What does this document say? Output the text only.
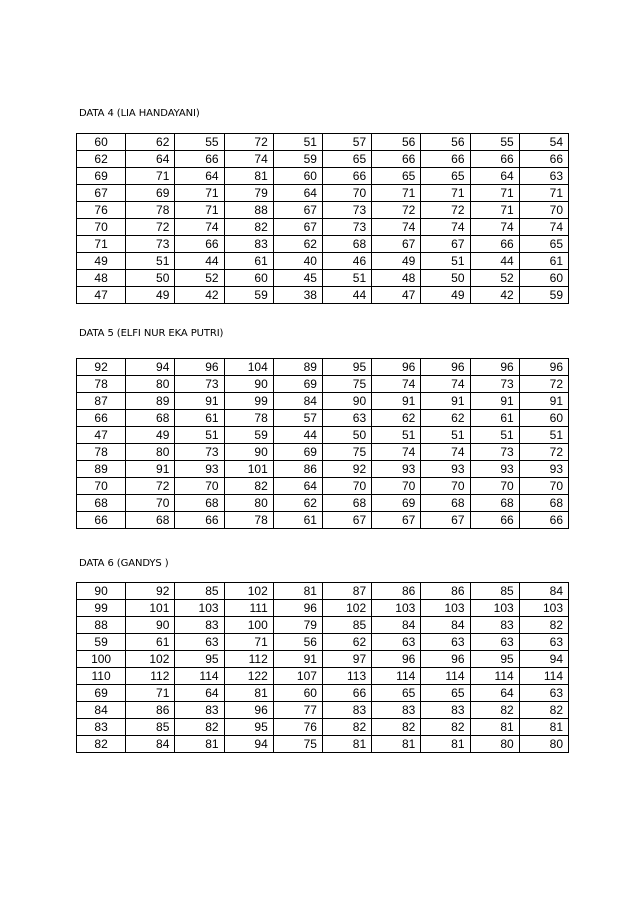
DATA 4 (LIA HANDAYANI)
60	62	55	72	51	57	56	56	55	54
62	64	66	74	59	65	66	66	66	66
69	71	64	81	60	66	65	65	64	63
67	69	71	79	64	70	71	71	71	71
76	78	71	88	67	73	72	72	71	70
70	72	74	82	67	73	74	74	74	74
71	73	66	83	62	68	67	67	66	65
49	51	44	61	40	46	49	51	44	61
48	50	52	60	45	51	48	50	52	60
47	49	42	59	38	44	47	49	42	59
DATA 5 (ELFI NUR EKA PUTRI)
92	94	96	104	89	95	96	96	96	96
78	80	73	90	69	75	74	74	73	72
87	89	91	99	84	90	91	91	91	91
66	68	61	78	57	63	62	62	61	60
47	49	51	59	44	50	51	51	51	51
78	80	73	90	69	75	74	74	73	72
89	91	93	101	86	92	93	93	93	93
70	72	70	82	64	70	70	70	70	70
68	70	68	80	62	68	69	68	68	68
66	68	66	78	61	67	67	67	66	66
DATA 6 (GANDYS )
90	92	85	102	81	87	86	86	85	84
99	101	103	111	96	102	103	103	103	103
88	90	83	100	79	85	84	84	83	82
59	61	63	71	56	62	63	63	63	63
100	102	95	112	91	97	96	96	95	94
110	112	114	122	107	113	114	114	114	114
69	71	64	81	60	66	65	65	64	63
84	86	83	96	77	83	83	83	82	82
83	85	82	95	76	82	82	82	81	81
82	84	81	94	75	81	81	81	80	80
